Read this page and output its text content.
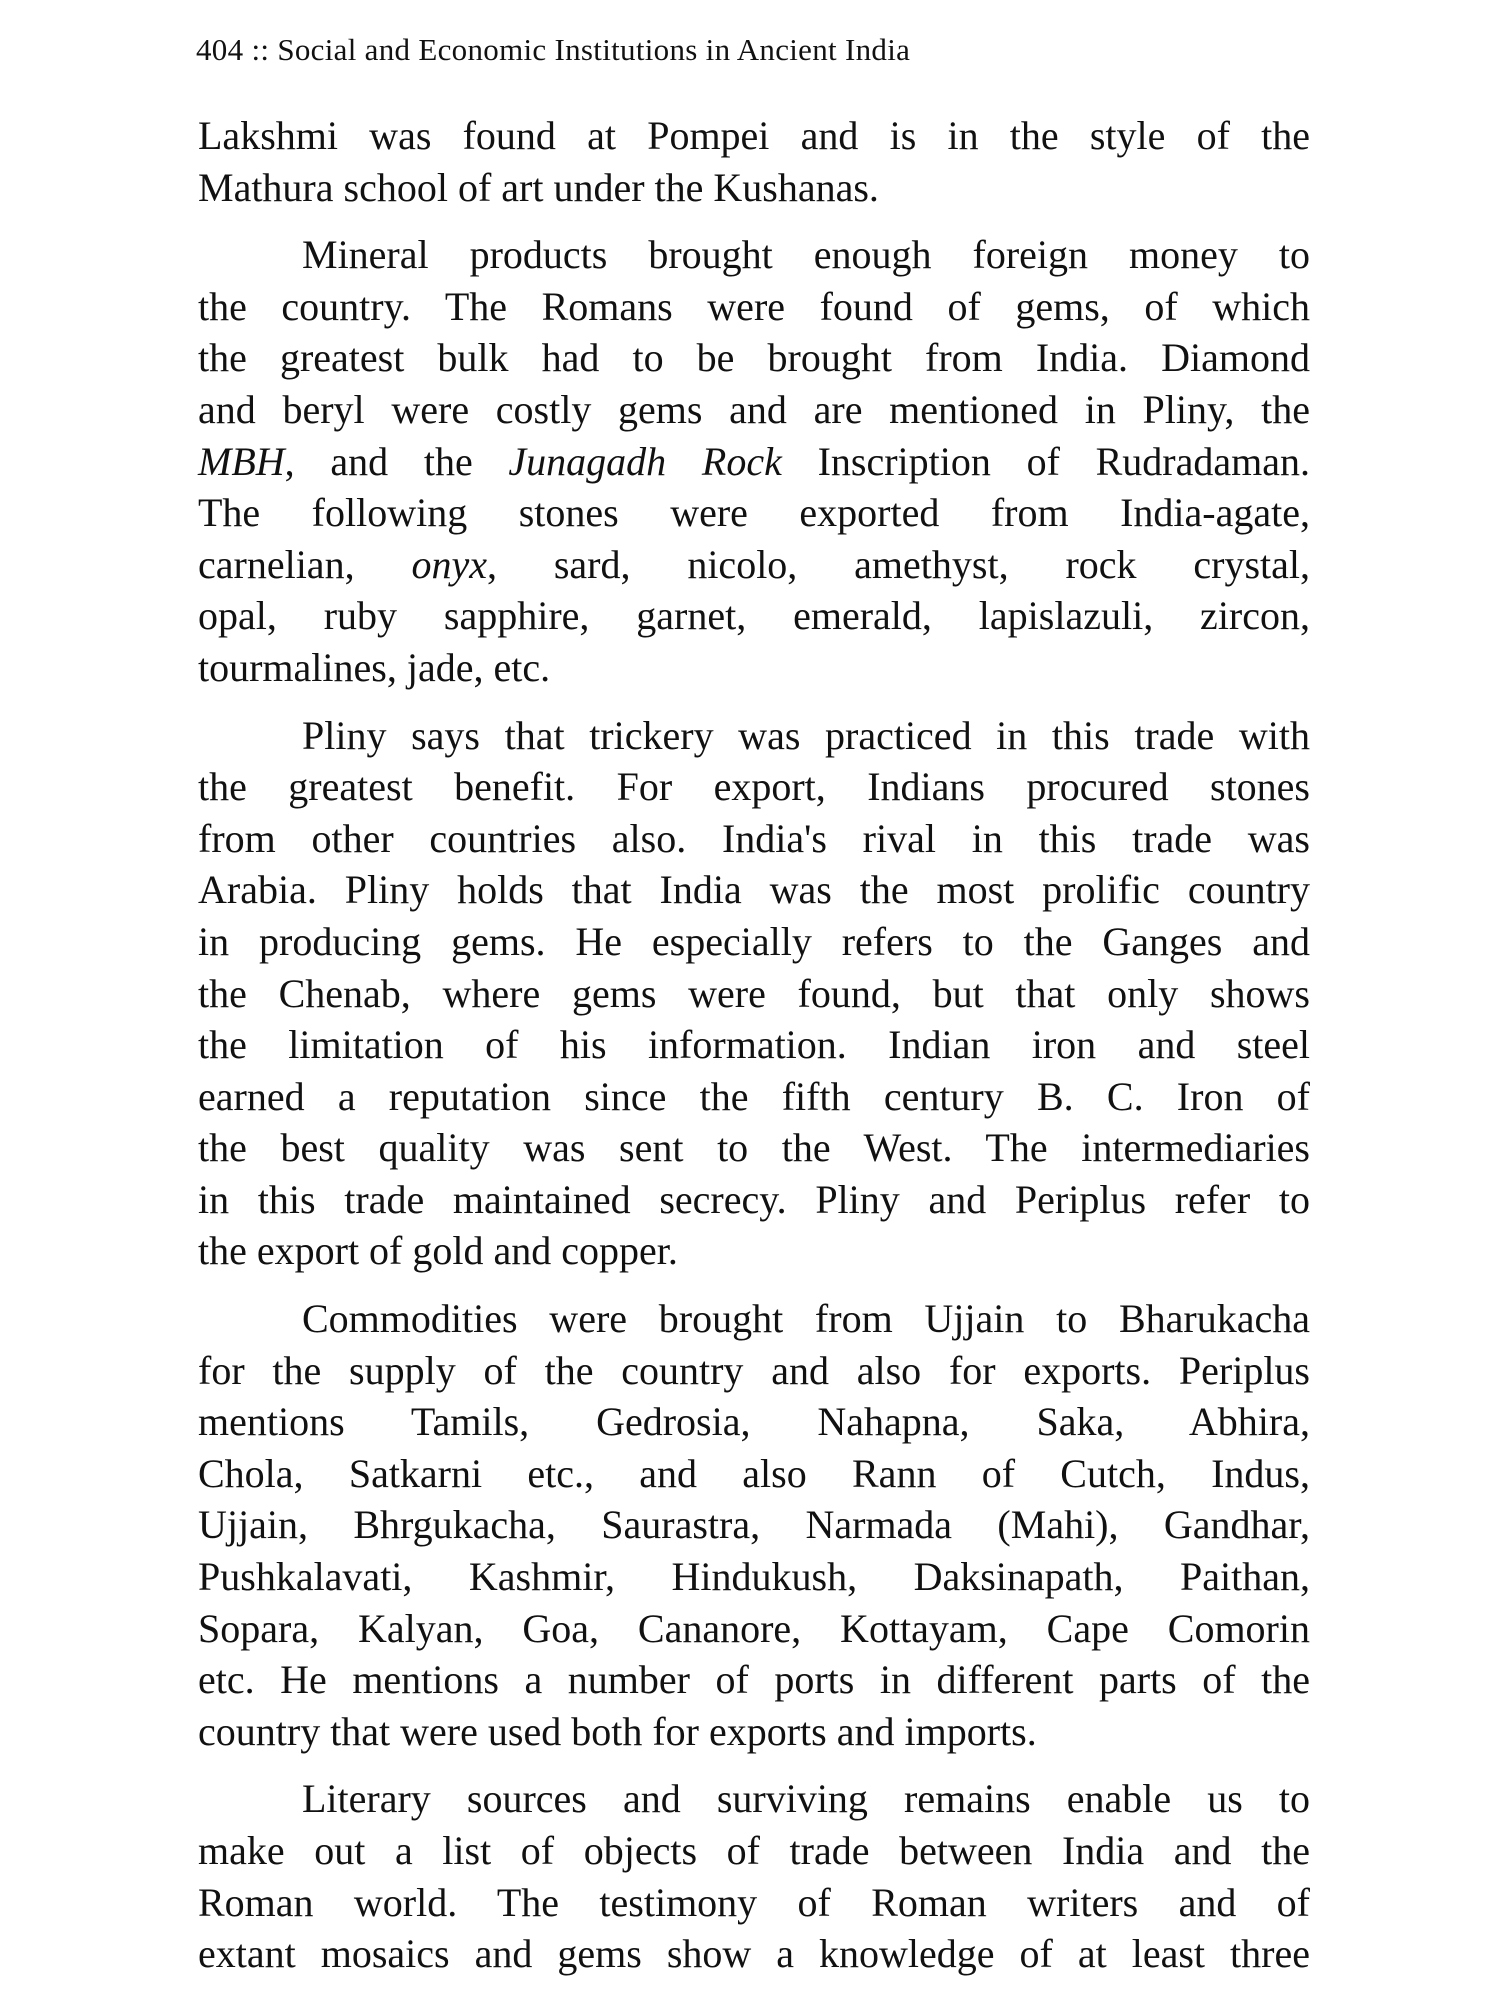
404 :: Social and Economic Institutions in Ancient India
Lakshmi was found at Pompei and is in the style of the
Mathura school of art under the Kushanas.
Mineral products brought enough foreign money to
the country. The Romans were found of gems, of which
the greatest bulk had to be brought from India. Diamond
and beryl were costly gems and are mentioned in Pliny, the
MBH, and the Junagadh Rock Inscription of Rudradaman.
The following stones were exported from India-agate,
carnelian, onyx, sard, nicolo, amethyst, rock crystal,
opal, ruby sapphire, garnet, emerald, lapislazuli, zircon,
tourmalines, jade, etc.
Pliny says that trickery was practiced in this trade with
the greatest benefit. For export, Indians procured stones
from other countries also. India's rival in this trade was
Arabia. Pliny holds that India was the most prolific country
in producing gems. He especially refers to the Ganges and
the Chenab, where gems were found, but that only shows
the limitation of his information. Indian iron and steel
earned a reputation since the fifth century B. C. Iron of
the best quality was sent to the West. The intermediaries
in this trade maintained secrecy. Pliny and Periplus refer to
the export of gold and copper.
Commodities were brought from Ujjain to Bharukacha
for the supply of the country and also for exports. Periplus
mentions Tamils, Gedrosia, Nahapna, Saka, Abhira,
Chola, Satkarni etc., and also Rann of Cutch, Indus,
Ujjain, Bhrgukacha, Saurastra, Narmada (Mahi), Gandhar,
Pushkalavati, Kashmir, Hindukush, Daksinapath, Paithan,
Sopara, Kalyan, Goa, Cananore, Kottayam, Cape Comorin
etc. He mentions a number of ports in different parts of the
country that were used both for exports and imports.
Literary sources and surviving remains enable us to
make out a list of objects of trade between India and the
Roman world. The testimony of Roman writers and of
extant mosaics and gems show a knowledge of at least three
